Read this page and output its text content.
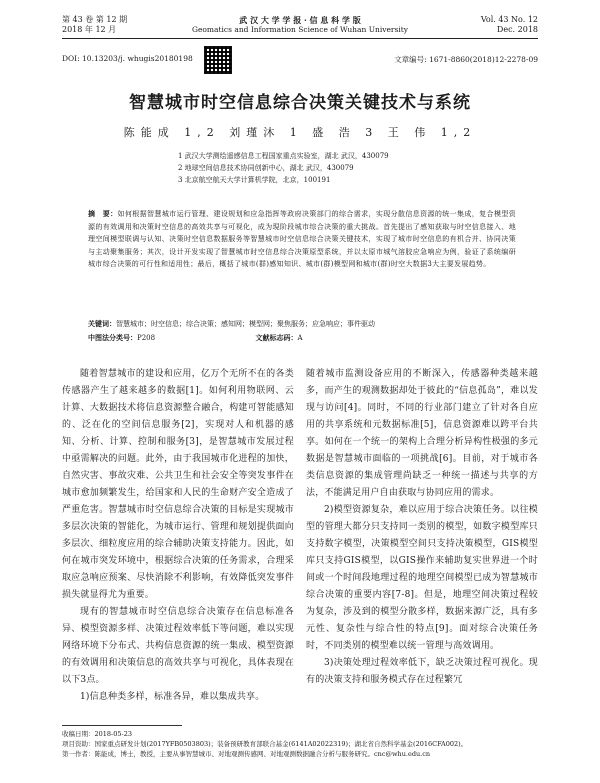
第 43 卷 第 12 期
2018 年 12 月
武 汉 大 学 学 报 · 信 息 科 学 版
Geomatics and Information Science of Wuhan University
Vol. 43 No. 12
Dec. 2018
DOI: 10.13203/j. whugis20180198	文章编号: 1671-8860(2018)12-2278-09
智慧城市时空信息综合决策关键技术与系统
陈能成 1,2 刘瑾沐 1 盛 浩 3 王 伟 1,2
1 武汉大学测绘遥感信息工程国家重点实验室，湖北 武汉，430079
2 地球空间信息技术协同创新中心，湖北 武汉，430079
3 北京航空航天大学计算机学院，北京，100191
摘　要：如何根据智慧城市运行管理、建设规划和应急指挥等政府决策部门的综合需求，实现分散信息资源的统一集成，复合模型资源的有效调用和决策时空信息的高效共享与可视化，成为現阶段城市综合决策的重大挑战。首先提出了感知获取与时空信息接入、地理空间模型联调与认知、决策时空信息数据服务等智慧城市时空信息综合决策关键技术，实现了城市时空信息的有机合并、协同决策与主动聚集服务；其次，设计开发实现了智慧城市时空信息综合决策原型系统，并以太原市城气溶胶应急响应为例，验证了系统编研城市综合决策的可行性和适用性；最后，概括了城市(群)感知知识、城市(群)模型网和城市(群)时空大数据3大主要发展趋势。
关键词：智慧城市；时空信息；综合决策；感知网；模型网；聚焦服务；应急响应；事件驱动
中图法分类号：P208	文献标志码：A

随着智慧城市的建设和应用，亿万个无所不在的各类传感器产生了越来越多的数据[1]。如何利用物联网、云计算、大数据技术将信息资源整合融合，构建可智能感知的、泛在化的空间信息服务[2]，实现对人和机器的感知、分析、计算、控制和服务[3]，是智慧城市发展过程中亟需解决的问题。此外，由于我国城市化进程的加快，自然灾害、事故灾难、公共卫生和社会安全等突发事件在城市愈加频繁发生，给国家和人民的生命财产安全造成了严重危害。智慧城市时空信息综合决策的目标是实现城市多层次决策的智能化，为城市运行、管理和规划提供面向多层次、细粒度应用的综合辅助决策支持能力。因此，如何在城市突发环境中，根据综合决策的任务需求，合理采取应急响应预案、尽快消除不利影响，有效降低突发事件损失就显得尤为重要。

现有的智慧城市时空信息综合决策存在信息标准各异、模型资源多样、决策过程效率低下等问题，难以实现网络环境下分布式、共构信息资源的统一集成、模型资源的有效调用和决策信息的高效共享与可视化，具体表现在以下3点。

1)信息种类多样，标准各异，难以集成共享。

随着城市监测设备应用的不断深入，传感器种类越来越多，而产生的观测数据却处于彼此的“信息孤岛”，难以发现与访问[4]。同时，不同的行业部门建立了针对各自应用的共享系统和元数据标准[5]，信息资源难以跨平台共享。如何在一个统一的架构上合理分析异构性极强的多元数据是智慧城市面临的一项挑战[6]。目前，对于城市各类信息资源的集成管理尚缺乏一种统一描述与共享的方法，不能满足用户自由获取与协同应用的需求。

2)模型资源复杂，难以应用于综合决策任务。以往模型的管理大都分只支持同一类别的模型，如数字模型库只支持数字模型，决策模型空间只支持决策模型，GIS模型库只支持GIS模型，以GIS操作来辅助复实世界进一个时间或一个时间段地理过程的地理空间模型已成为智慧城市综合决策的重要内容[7-8]。但是，地理空间决策过程较为复杂，涉及到的模型分散多样，数据来源广泛，具有多元性、复杂性与综合性的特点[9]。面对综合决策任务时，不同类别的模型难以统一管理与高效调用。

3)决策处理过程效率低下，缺乏决策过程可视化。现有的决策支持和服务模式存在过程繁冗

收稿日期：2018-05-23
项目资助：国家重点研发计划(2017YFB0503803)；装备预研教育部联合基金(6141A02022319)；湖北省自然科学基金(2016CFA002)。
第一作者：陈能成，博士，教授，主要从事智慧城市、对地观测传感网、对地观测数据融合分析与服务研究。cnc@whu.edu.cn
